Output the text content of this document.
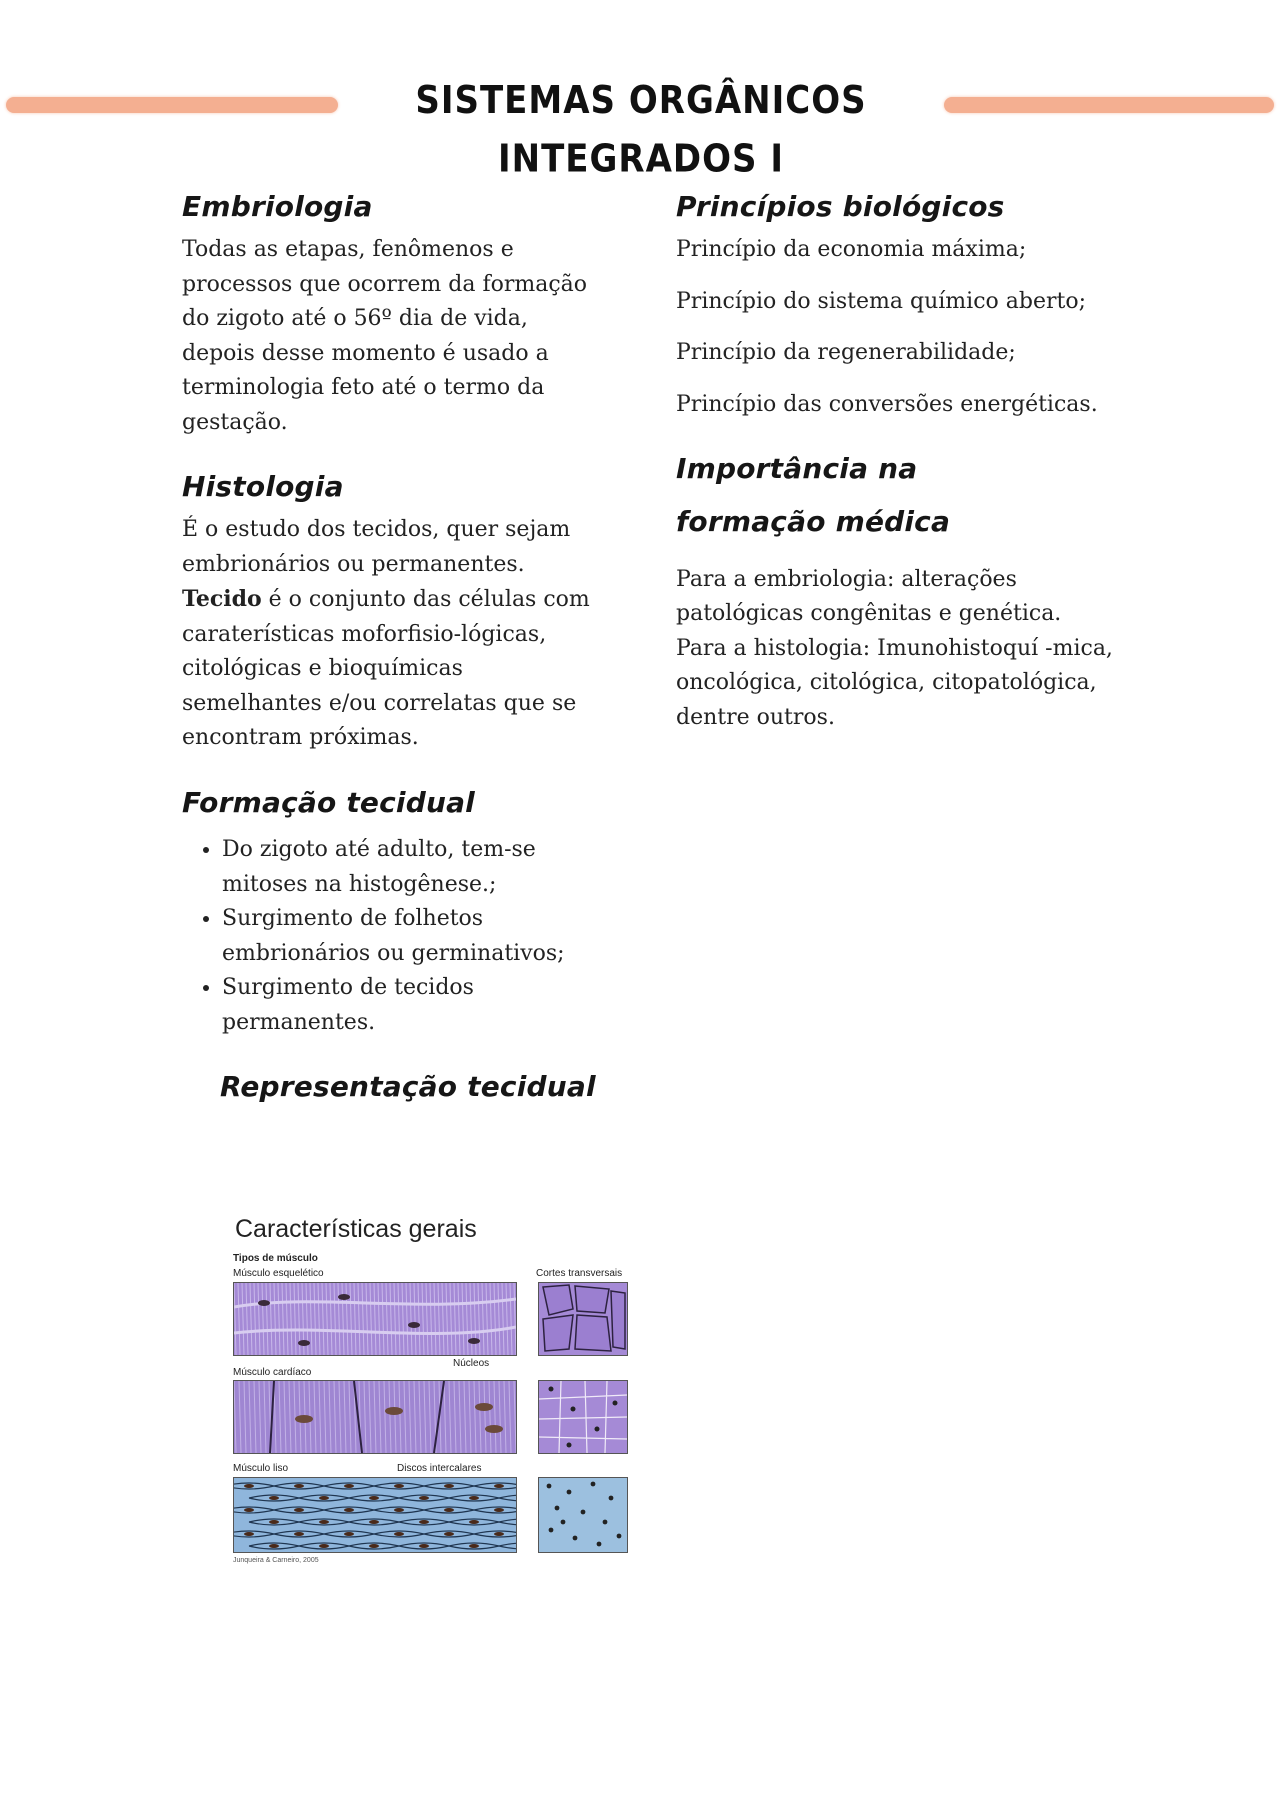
SISTEMAS ORGÂNICOS INTEGRADOS I
Embriologia

Todas as etapas, fenômenos e processos que ocorrem da formação do zigoto até o 56º dia de vida, depois desse momento é usado a terminologia feto até o termo da gestação.

Histologia

É o estudo dos tecidos, quer sejam embrionários ou permanentes. Tecido é o conjunto das células com caraterísticas moforfisio-lógicas, citológicas e bioquímicas semelhantes e/ou correlatas que se encontram próximas.

Formação tecidual
• Do zigoto até adulto, tem-se mitoses na histogênese.;
• Surgimento de folhetos embrionários ou germinativos;
• Surgimento de tecidos permanentes.
Representação tecidual
Princípios biológicos

Princípio da economia máxima;

Princípio do sistema químico aberto;

Princípio da regenerabilidade;

Princípio das conversões energéticas.

Importância na formação médica

Para a embriologia: alterações patológicas congênitas e genética. Para a histologia: Imunohistoquí -mica, oncológica, citológica, citopatológica, dentre outros.

Características gerais
Tipos de músculo
Músculo esquelético	Cortes transversais
Músculo cardíaco
Núcleos
Músculo liso	Discos intercalares
Junqueira & Carneiro, 2005
